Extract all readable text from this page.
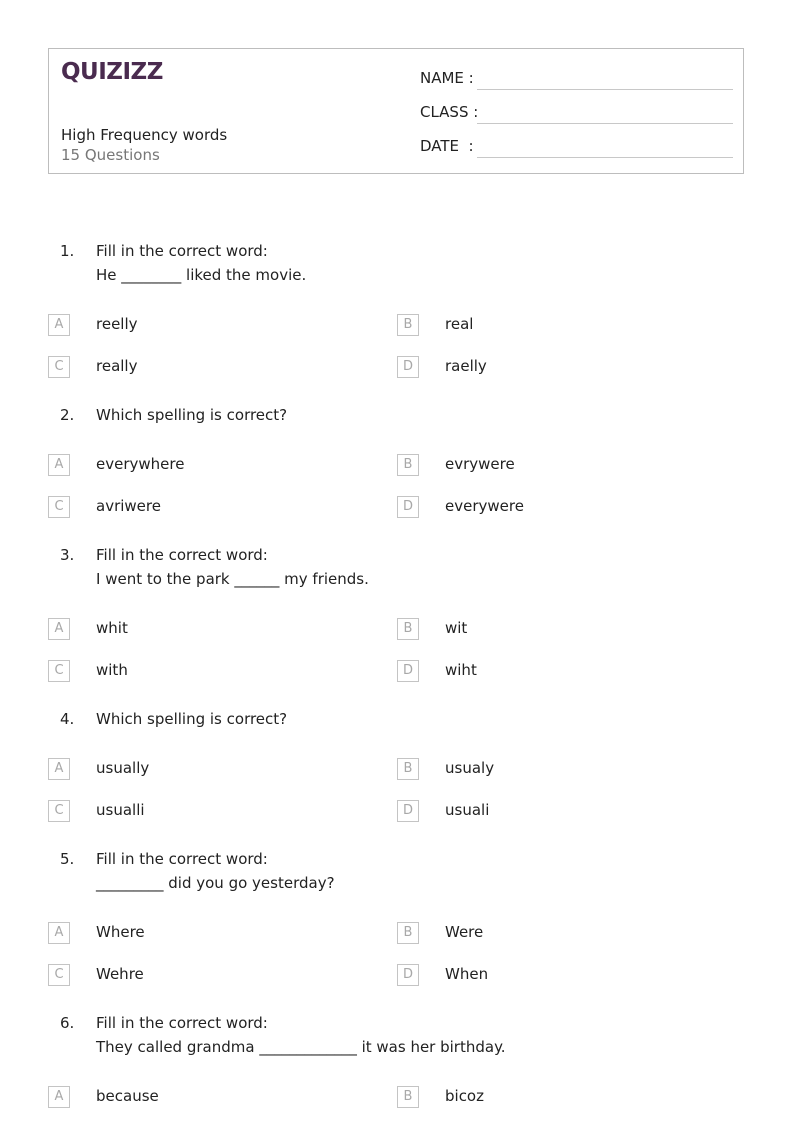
QUIZIZZ
High Frequency words
15 Questions
NAME :
CLASS :
DATE  :
1. Fill in the correct word:
He ________ liked the movie.
A	reelly	B	real
C	really	D	raelly
2. Which spelling is correct?
A	everywhere	B	evrywere
C	avriwere	D	everywere
3. Fill in the correct word:
I went to the park ______ my friends.
A	whit	B	wit
C	with	D	wiht
4. Which spelling is correct?
A	usually	B	usualy
C	usualli	D	usuali
5. Fill in the correct word:
_________ did you go yesterday?
A	Where	B	Were
C	Wehre	D	When
6. Fill in the correct word:
They called grandma _____________ it was her birthday.
A	because	B	bicoz
